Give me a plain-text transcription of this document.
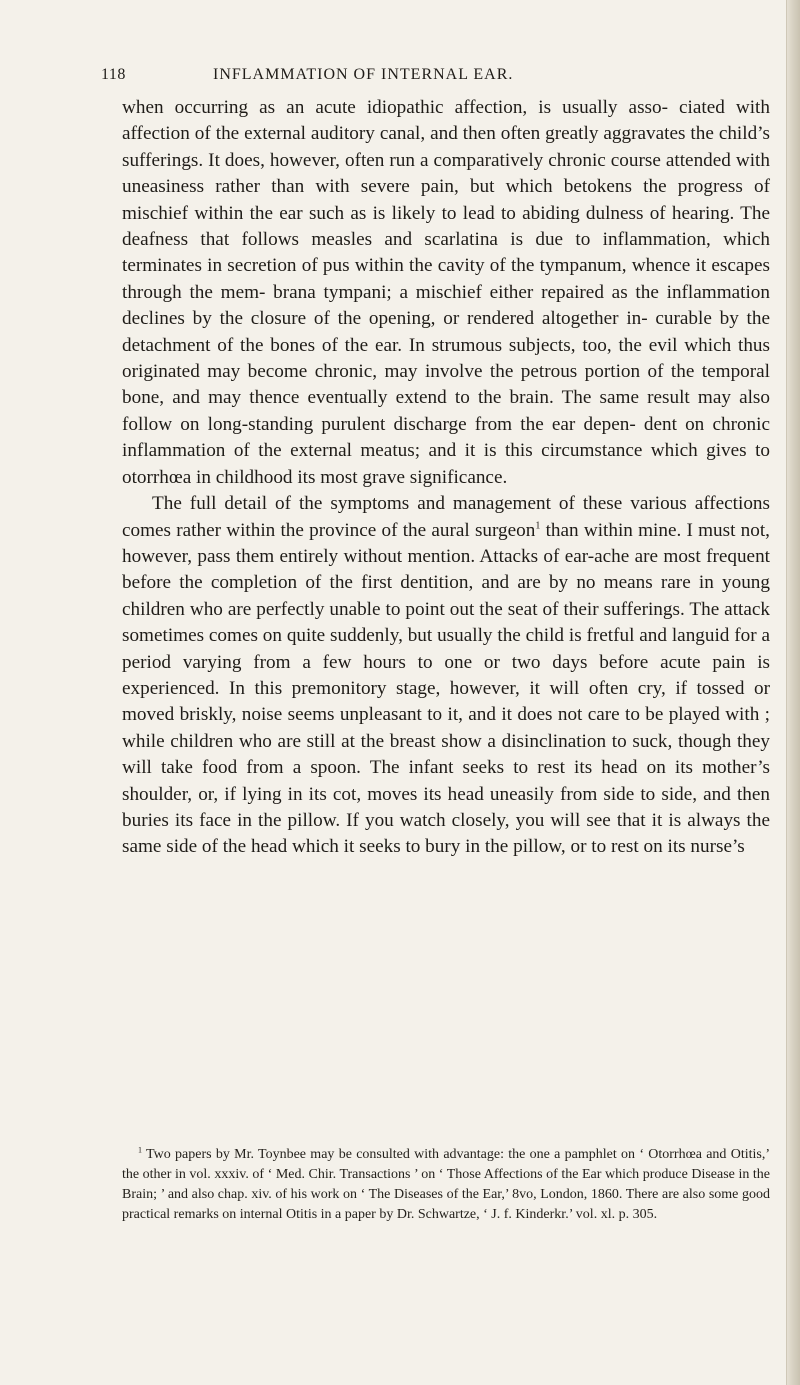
118	INFLAMMATION OF INTERNAL EAR.

when occurring as an acute idiopathic affection, is usually asso- ciated with affection of the external auditory canal, and then often greatly aggravates the child’s sufferings. It does, however, often run a comparatively chronic course attended with uneasiness rather than with severe pain, but which betokens the progress of mischief within the ear such as is likely to lead to abiding dulness of hearing. The deafness that follows measles and scarlatina is due to inflammation, which terminates in secretion of pus within the cavity of the tympanum, whence it escapes through the mem- brana tympani; a mischief either repaired as the inflammation declines by the closure of the opening, or rendered altogether in- curable by the detachment of the bones of the ear. In strumous subjects, too, the evil which thus originated may become chronic, may involve the petrous portion of the temporal bone, and may thence eventually extend to the brain. The same result may also follow on long-standing purulent discharge from the ear depen- dent on chronic inflammation of the external meatus; and it is this circumstance which gives to otorrhœa in childhood its most grave significance.

The full detail of the symptoms and management of these various affections comes rather within the province of the aural surgeon$^1$ than within mine. I must not, however, pass them entirely without mention. Attacks of ear-ache are most frequent before the completion of the first dentition, and are by no means rare in young children who are perfectly unable to point out the seat of their sufferings. The attack sometimes comes on quite suddenly, but usually the child is fretful and languid for a period varying from a few hours to one or two days before acute pain is experienced. In this premonitory stage, however, it will often cry, if tossed or moved briskly, noise seems unpleasant to it, and it does not care to be played with ; while children who are still at the breast show a disinclination to suck, though they will take food from a spoon. The infant seeks to rest its head on its mother’s shoulder, or, if lying in its cot, moves its head uneasily from side to side, and then buries its face in the pillow. If you watch closely, you will see that it is always the same side of the head which it seeks to bury in the pillow, or to rest on its nurse’s

$^1$ Two papers by Mr. Toynbee may be consulted with advantage: the one a pamphlet on ‘ Otorrhœa and Otitis,’ the other in vol. xxxiv. of ‘ Med. Chir. Transactions ’ on ‘ Those Affections of the Ear which produce Disease in the Brain; ’ and also chap. xiv. of his work on ‘ The Diseases of the Ear,’ 8vo, London, 1860. There are also some good practical remarks on internal Otitis in a paper by Dr. Schwartze, ‘ J. f. Kinderkr.’ vol. xl. p. 305.
